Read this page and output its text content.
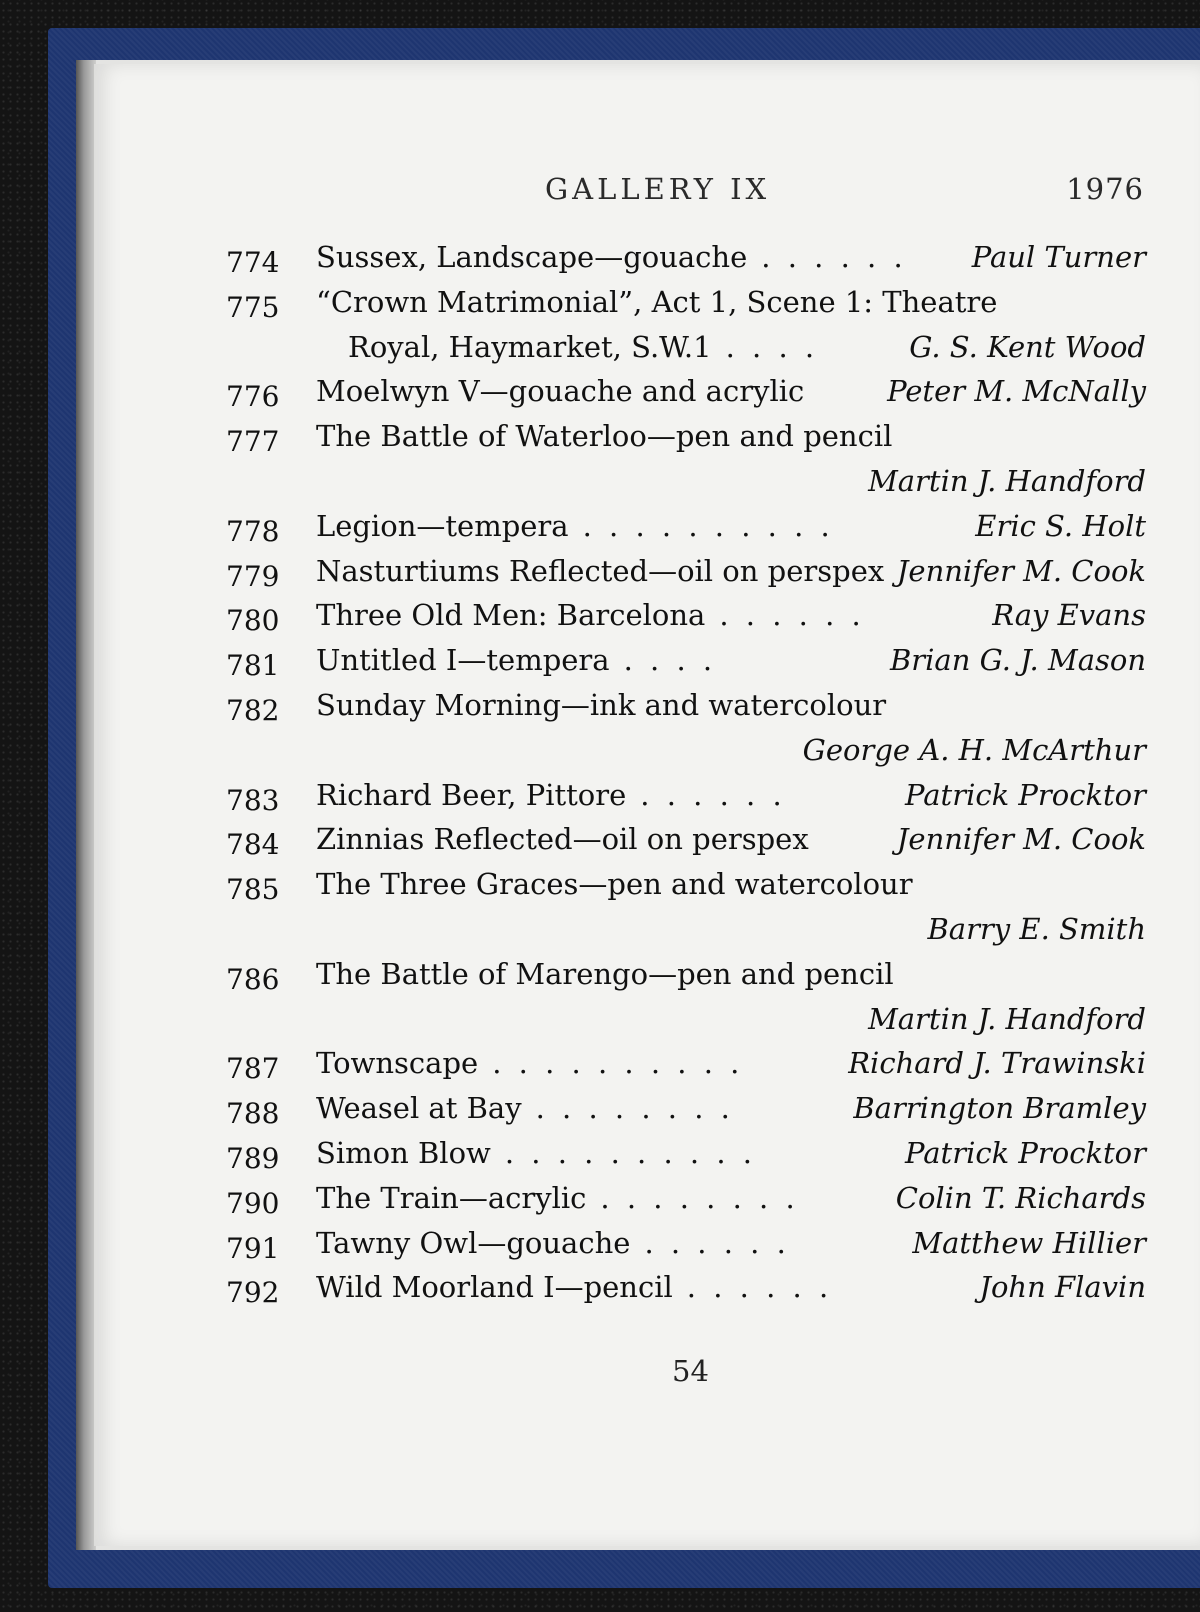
GALLERY IX	1976
774 Sussex, Landscape—gouache . . . . . . Paul Turner
775 “Crown Matrimonial”, Act 1, Scene 1: Theatre
Royal, Haymarket, S.W.1 . . . .	G. S. Kent Wood
776 Moelwyn V—gouache and acrylic	Peter M. McNally
777 The Battle of Waterloo—pen and pencil
Martin J. Handford
778 Legion—tempera . . . . . . . . . .	Eric S. Holt
779 Nasturtiums Reflected—oil on perspex Jennifer M. Cook
780 Three Old Men: Barcelona . . . . . .	Ray Evans
781 Untitled I—tempera . . . .	Brian G. J. Mason
782 Sunday Morning—ink and watercolour
George A. H. McArthur
783 Richard Beer, Pittore . . . . . .	Patrick Procktor
784 Zinnias Reflected—oil on perspex	Jennifer M. Cook
785 The Three Graces—pen and watercolour
Barry E. Smith
786 The Battle of Marengo—pen and pencil
Martin J. Handford
787 Townscape . . . . . . . . . .	Richard J. Trawinski
788 Weasel at Bay . . . . . . . .	Barrington Bramley
789 Simon Blow . . . . . . . . . .	Patrick Procktor
790 The Train—acrylic . . . . . . . .	Colin T. Richards
791 Tawny Owl—gouache . . . . . .	Matthew Hillier
792 Wild Moorland I—pencil . . . . . .	John Flavin
54
